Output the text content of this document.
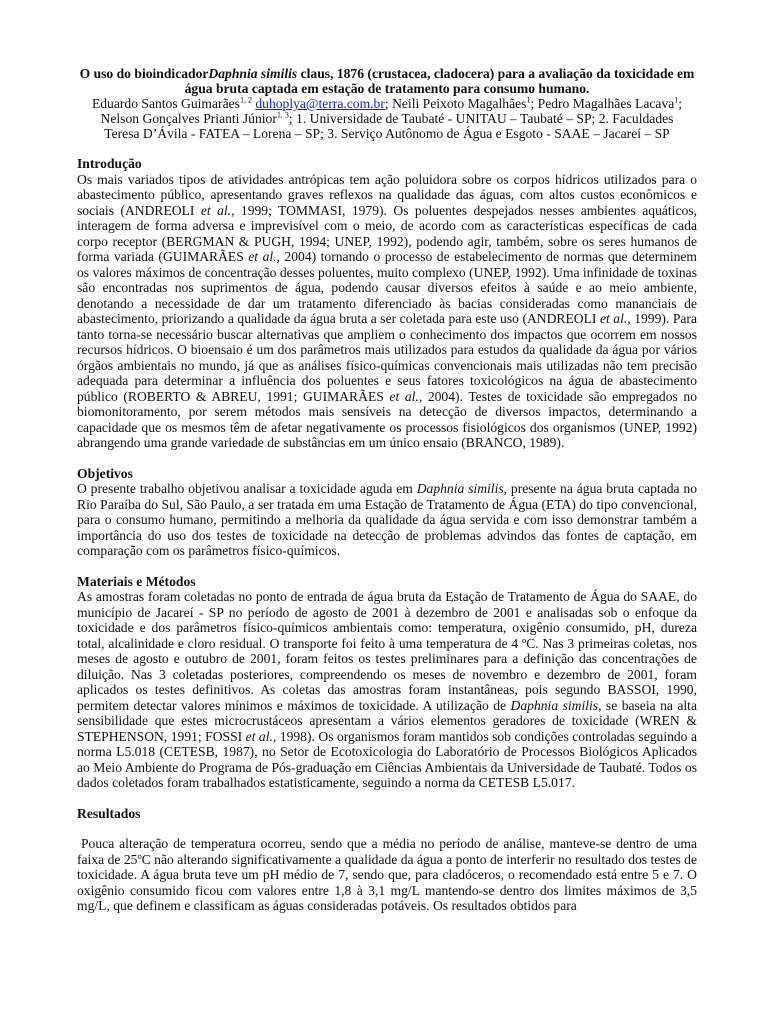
O uso do bioindicadorDaphnia similis claus, 1876 (crustacea, cladocera) para a avaliação da toxicidade em água bruta captada em estação de tratamento para consumo humano.

Eduardo Santos Guimarães$^{1, 2}$ duhoplya@terra.com.br; Neili Peixoto Magalhães$^1$; Pedro Magalhães Lacava$^1$;

Nelson Gonçalves Prianti Júnior$^{1, 3}$; 1. Universidade de Taubaté - UNITAU – Taubaté – SP; 2. Faculdades

Teresa D’Ávila - FATEA – Lorena – SP; 3. Serviço Autônomo de Água e Esgoto - SAAE – Jacareí – SP

Introdução

Os mais variados tipos de atividades antrópicas tem ação poluidora sobre os corpos hídricos utilizados para o abastecimento público, apresentando graves reflexos na qualidade das águas, com altos custos econômicos e sociais (ANDREOLI et al., 1999; TOMMASI, 1979). Os poluentes despejados nesses ambientes aquáticos, interagem de forma adversa e imprevisível com o meio, de acordo com as características específicas de cada corpo receptor (BERGMAN & PUGH, 1994; UNEP, 1992), podendo agir, também, sobre os seres humanos de forma variada (GUIMARÃES et al., 2004) tornando o processo de estabelecimento de normas que determinem os valores máximos de concentração desses poluentes, muito complexo (UNEP, 1992). Uma infinidade de toxinas são encontradas nos suprimentos de água, podendo causar diversos efeitos à saúde e ao meio ambiente, denotando a necessidade de dar um tratamento diferenciado às bacias consideradas como mananciais de abastecimento, priorizando a qualidade da água bruta a ser coletada para este uso (ANDREOLI et al., 1999). Para tanto torna-se necessário buscar alternativas que ampliem o conhecimento dos impactos que ocorrem em nossos recursos hídricos. O bioensaio é um dos parâmetros mais utilizados para estudos da qualidade da água por vários órgãos ambientais no mundo, já que as análises físico-químicas convencionais mais utilizadas não tem precisão adequada para determinar a influência dos poluentes e seus fatores toxicológicos na água de abastecimento público (ROBERTO & ABREU, 1991; GUIMARÃES et al., 2004). Testes de toxicidade são empregados no biomonitoramento, por serem métodos mais sensíveis na detecção de diversos impactos, determinando a capacidade que os mesmos têm de afetar negativamente os processos fisiológicos dos organismos (UNEP, 1992) abrangendo uma grande variedade de substâncias em um único ensaio (BRANCO, 1989).

Objetivos

O presente trabalho objetivou analisar a toxicidade aguda em Daphnia similis, presente na água bruta captada no Rio Paraíba do Sul, São Paulo, a ser tratada em uma Estação de Tratamento de Água (ETA) do tipo convencional, para o consumo humano, permitindo a melhoria da qualidade da água servida e com isso demonstrar também a importância do uso dos testes de toxicidade na detecção de problemas advindos das fontes de captação, em comparação com os parâmetros físico-químicos.

Materiais e Métodos

As amostras foram coletadas no ponto de entrada de água bruta da Estação de Tratamento de Água do SAAE, do município de Jacareí - SP no período de agosto de 2001 à dezembro de 2001 e analisadas sob o enfoque da toxicidade e dos parâmetros físico-químicos ambientais como: temperatura, oxigênio consumido, pH, dureza total, alcalinidade e cloro residual. O transporte foi feito à uma temperatura de 4 ºC. Nas 3 primeiras coletas, nos meses de agosto e outubro de 2001, foram feitos os testes preliminares para a definição das concentrações de diluição. Nas 3 coletadas posteriores, compreendendo os meses de novembro e dezembro de 2001, foram aplicados os testes definitivos. As coletas das amostras foram instantâneas, pois segundo BASSOI, 1990, permitem detectar valores mínimos e máximos de toxicidade. A utilização de Daphnia similis, se baseia na alta sensibilidade que estes microcrustáceos apresentam a vários elementos geradores de toxicidade (WREN & STEPHENSON, 1991; FOSSI et al., 1998). Os organismos foram mantidos sob condições controladas seguindo a norma L5.018 (CETESB, 1987), no Setor de Ecotoxicologia do Laboratório de Processos Biológicos Aplicados ao Meio Ambiente do Programa de Pós-graduação em Ciências Ambientais da Universidade de Taubaté. Todos os dados coletados foram trabalhados estatisticamente, seguindo a norma da CETESB L5.017.

Resultados

Pouca alteração de temperatura ocorreu, sendo que a média no período de análise, manteve-se dentro de uma faixa de 25ºC não alterando significativamente a qualidade da água a ponto de interferir no resultado dos testes de toxicidade. A água bruta teve um pH médio de 7, sendo que, para cladóceros, o recomendado está entre 5 e 7. O oxigênio consumido ficou com valores entre 1,8 à 3,1 mg/L mantendo-se dentro dos limites máximos de 3,5 mg/L, que definem e classificam as águas consideradas potáveis. Os resultados obtidos para
